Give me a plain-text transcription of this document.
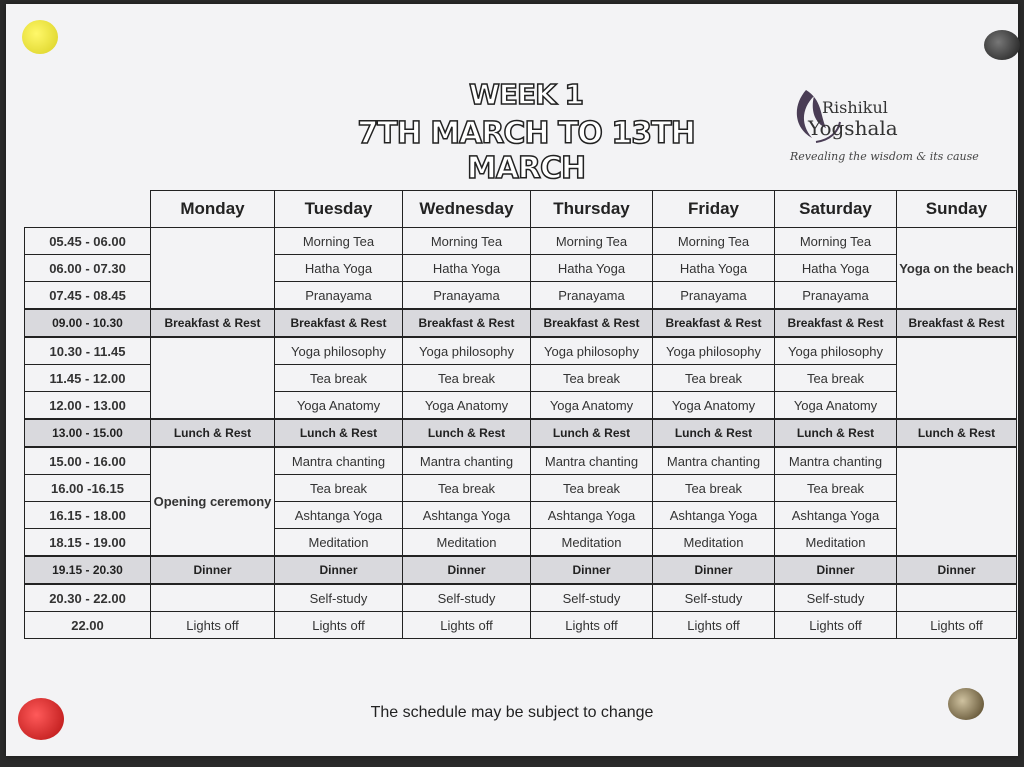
WEEK 1
7TH MARCH TO 13TH MARCH
Rishikul
Yogshala
Revealing the wisdom & its cause
	Monday	Tuesday	Wednesday	Thursday	Friday	Saturday	Sunday
05.45 - 06.00		Morning Tea	Morning Tea	Morning Tea	Morning Tea	Morning Tea	Yoga on the beach
06.00 - 07.30		Hatha Yoga	Hatha Yoga	Hatha Yoga	Hatha Yoga	Hatha Yoga	
07.45 - 08.45		Pranayama	Pranayama	Pranayama	Pranayama	Pranayama	
09.00 - 10.30	Breakfast & Rest	Breakfast & Rest	Breakfast & Rest	Breakfast & Rest	Breakfast & Rest	Breakfast & Rest	Breakfast & Rest
10.30 - 11.45		Yoga philosophy	Yoga philosophy	Yoga philosophy	Yoga philosophy	Yoga philosophy	
11.45 - 12.00		Tea break	Tea break	Tea break	Tea break	Tea break	
12.00 - 13.00		Yoga Anatomy	Yoga Anatomy	Yoga Anatomy	Yoga Anatomy	Yoga Anatomy	
13.00 - 15.00	Lunch & Rest	Lunch & Rest	Lunch & Rest	Lunch & Rest	Lunch & Rest	Lunch & Rest	Lunch & Rest
15.00 - 16.00	Opening ceremony	Mantra chanting	Mantra chanting	Mantra chanting	Mantra chanting	Mantra chanting	
16.00 -16.15		Tea break	Tea break	Tea break	Tea break	Tea break	
16.15 - 18.00		Ashtanga Yoga	Ashtanga Yoga	Ashtanga Yoga	Ashtanga Yoga	Ashtanga Yoga	
18.15 - 19.00		Meditation	Meditation	Meditation	Meditation	Meditation	
19.15 - 20.30	Dinner	Dinner	Dinner	Dinner	Dinner	Dinner	Dinner
20.30 - 22.00		Self-study	Self-study	Self-study	Self-study	Self-study	
22.00	Lights off	Lights off	Lights off	Lights off	Lights off	Lights off	Lights off
The schedule may be subject to change
